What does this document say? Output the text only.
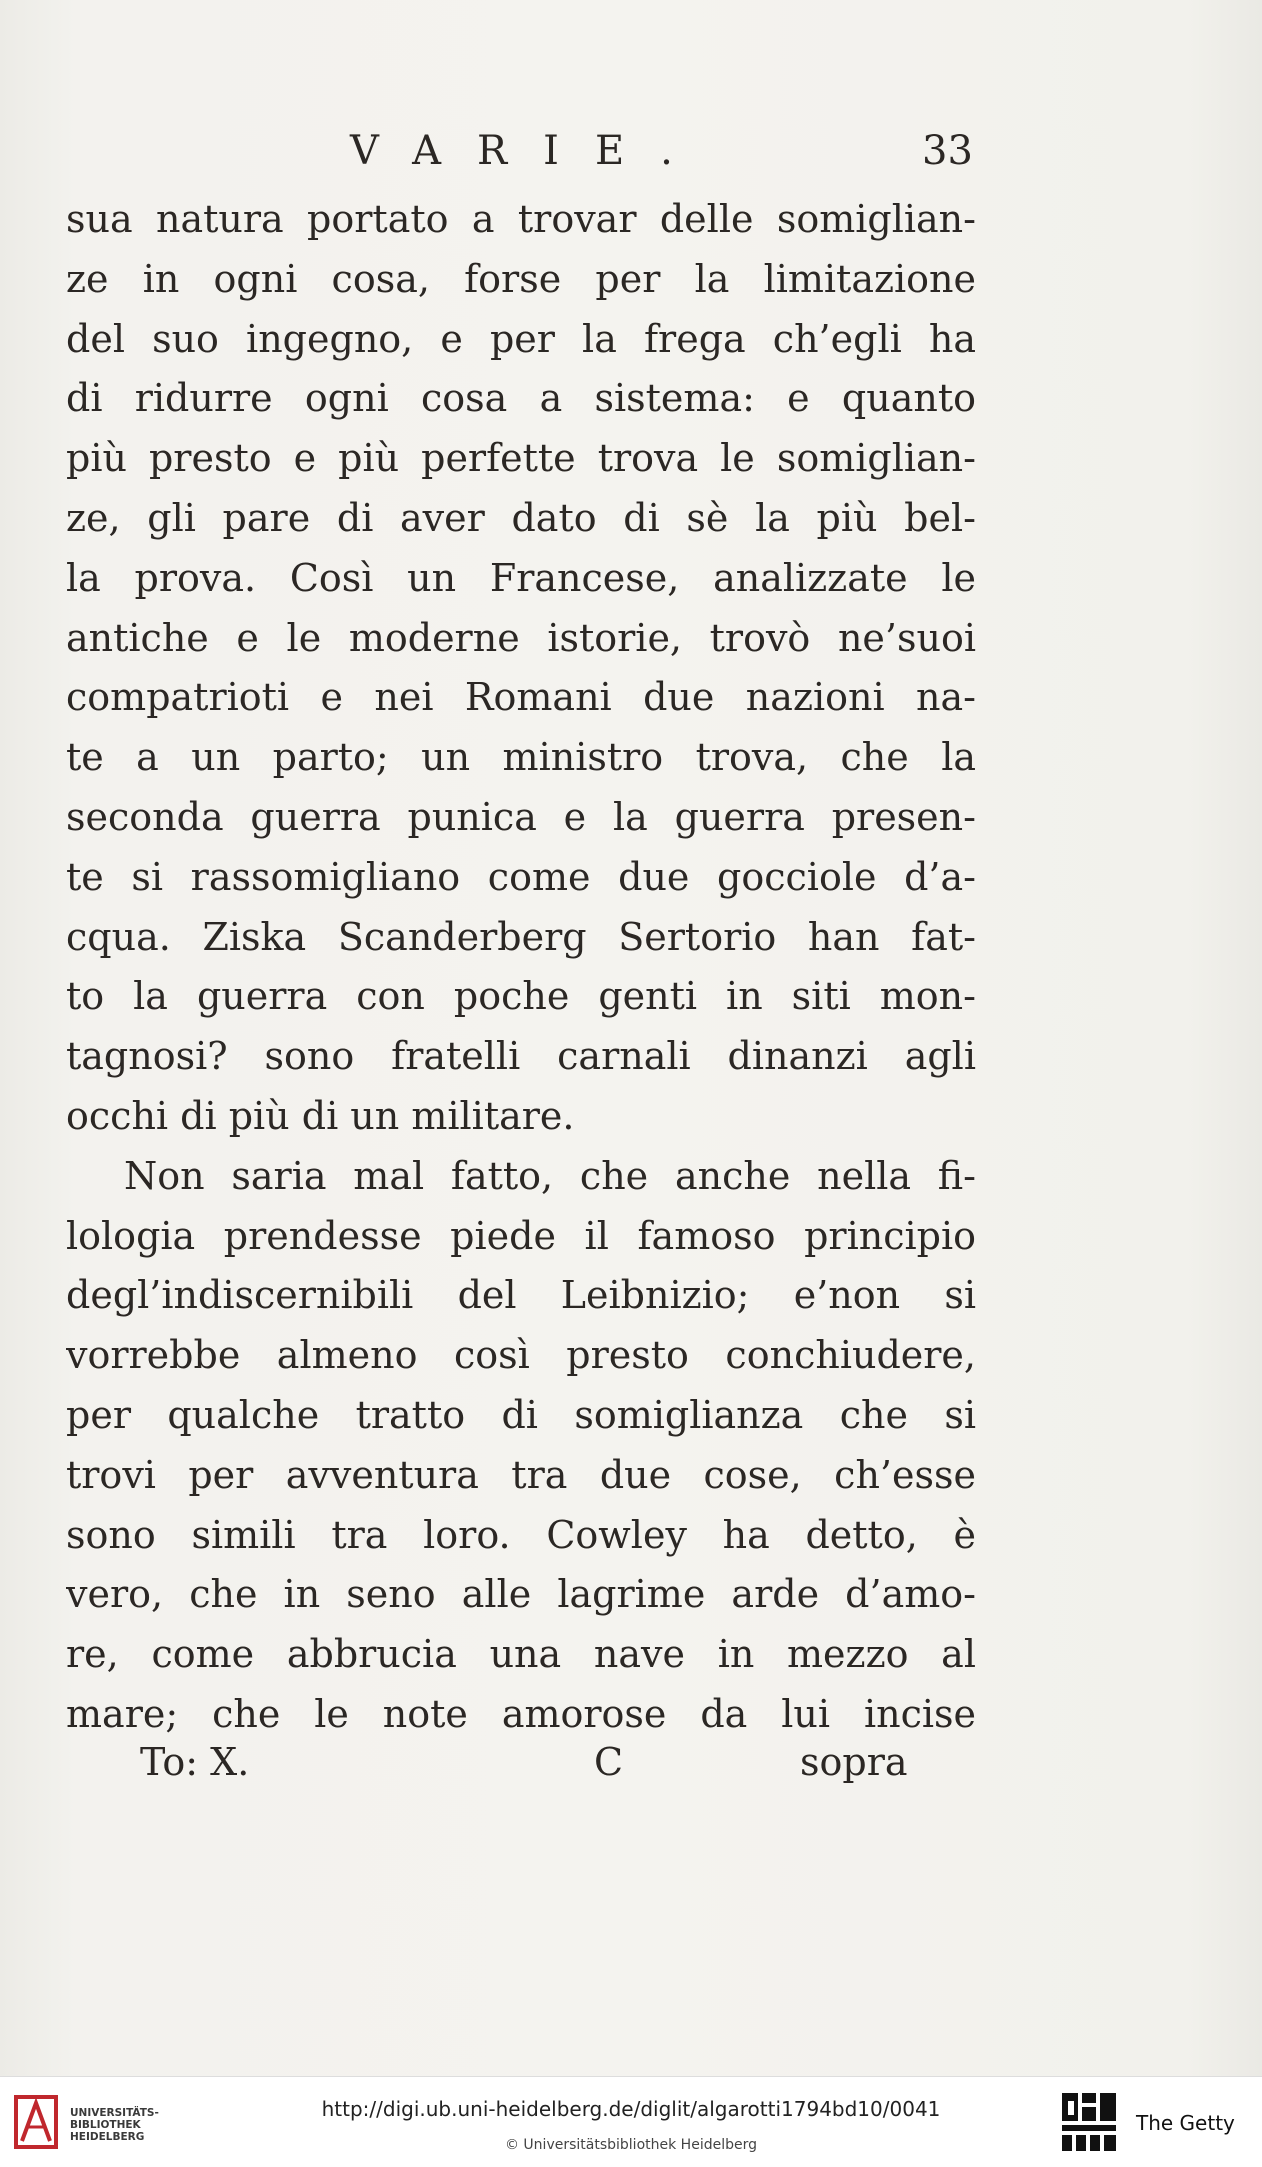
VARIE.	33
sua natura portato a trovar delle somiglian-
ze in ogni cosa, forse per la limitazione
del suo ingegno, e per la frega ch’egli ha
di ridurre ogni cosa a sistema: e quanto
più presto e più perfette trova le somiglian-
ze, gli pare di aver dato di sè la più bel-
la prova. Così un Francese, analizzate le
antiche e le moderne istorie, trovò ne’suoi
compatrioti e nei Romani due nazioni na-
te a un parto; un ministro trova, che la
seconda guerra punica e la guerra presen-
te si rassomigliano come due gocciole d’a-
cqua. Ziska Scanderberg Sertorio han fat-
to la guerra con poche genti in siti mon-
tagnosi? sono fratelli carnali dinanzi agli
occhi di più di un militare.
Non saria mal fatto, che anche nella fi-
lologia prendesse piede il famoso principio
degl’indiscernibili del Leibnizio; e’non si
vorrebbe almeno così presto conchiudere,
per qualche tratto di somiglianza che si
trovi per avventura tra due cose, ch’esse
sono simili tra loro. Cowley ha detto, è
vero, che in seno alle lagrime arde d’amo-
re, come abbrucia una nave in mezzo al
mare; che le note amorose da lui incise
To: X.	C	sopra
UNIVERSITÄTS-
BIBLIOTHEK
HEIDELBERG
http://digi.ub.uni-heidelberg.de/diglit/algarotti1794bd10/0041
© Universitätsbibliothek Heidelberg
The Getty
